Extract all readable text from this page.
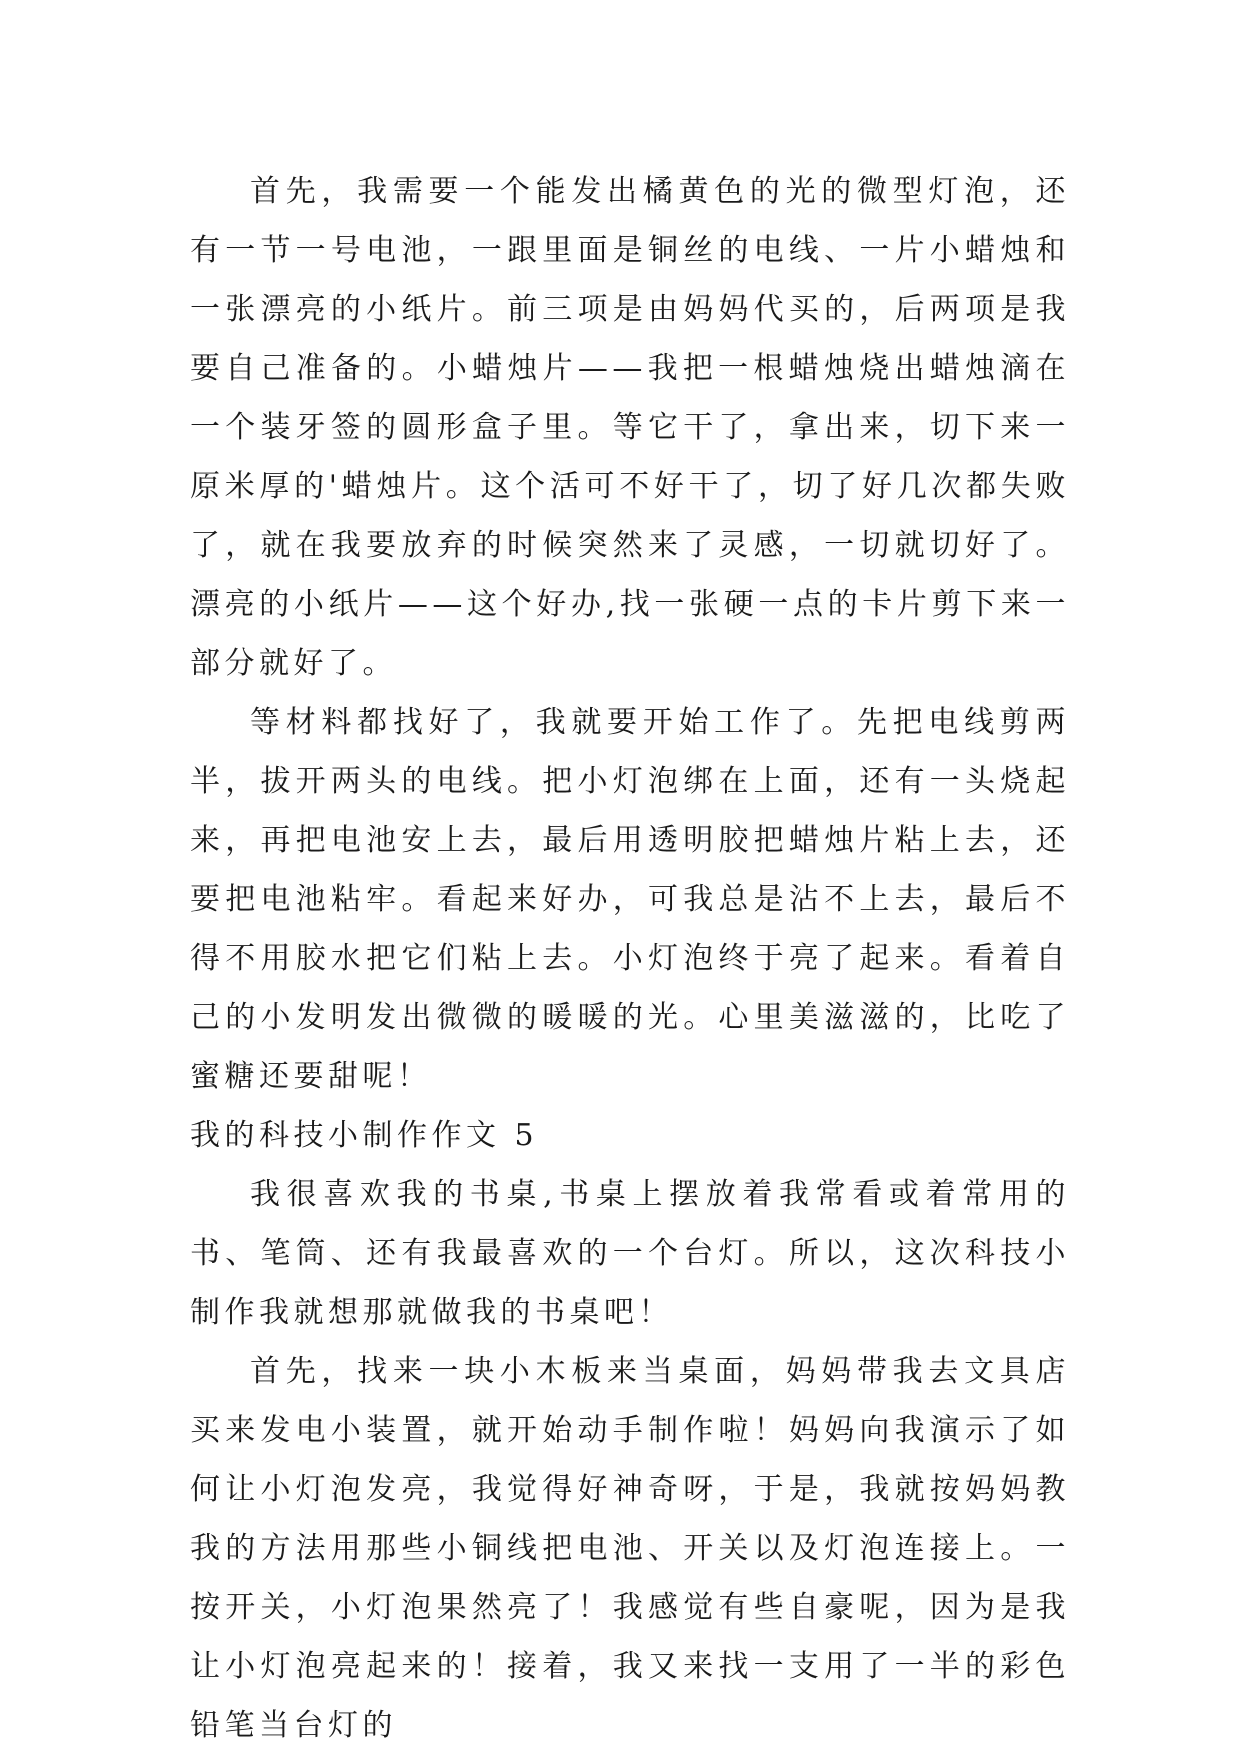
首先，我需要一个能发出橘黄色的光的微型灯泡，还有一节一号电池，一跟里面是铜丝的电线、一片小蜡烛和一张漂亮的小纸片。前三项是由妈妈代买的，后两项是我要自己准备的。小蜡烛片——我把一根蜡烛烧出蜡烛滴在一个装牙签的圆形盒子里。等它干了，拿出来，切下来一原米厚的'蜡烛片。这个活可不好干了，切了好几次都失败了，就在我要放弃的时候突然来了灵感，一切就切好了。漂亮的小纸片——这个好办,找一张硬一点的卡片剪下来一部分就好了。

等材料都找好了，我就要开始工作了。先把电线剪两半，拔开两头的电线。把小灯泡绑在上面，还有一头烧起来，再把电池安上去，最后用透明胶把蜡烛片粘上去，还要把电池粘牢。看起来好办，可我总是沾不上去，最后不得不用胶水把它们粘上去。小灯泡终于亮了起来。看着自己的小发明发出微微的暖暖的光。心里美滋滋的，比吃了蜜糖还要甜呢！

我的科技小制作作文 5

我很喜欢我的书桌,书桌上摆放着我常看或着常用的书、笔筒、还有我最喜欢的一个台灯。所以，这次科技小制作我就想那就做我的书桌吧！

首先，找来一块小木板来当桌面，妈妈带我去文具店买来发电小装置，就开始动手制作啦！妈妈向我演示了如何让小灯泡发亮，我觉得好神奇呀，于是，我就按妈妈教我的方法用那些小铜线把电池、开关以及灯泡连接上。一按开关，小灯泡果然亮了！我感觉有些自豪呢，因为是我让小灯泡亮起来的！接着，我又来找一支用了一半的彩色铅笔当台灯的
